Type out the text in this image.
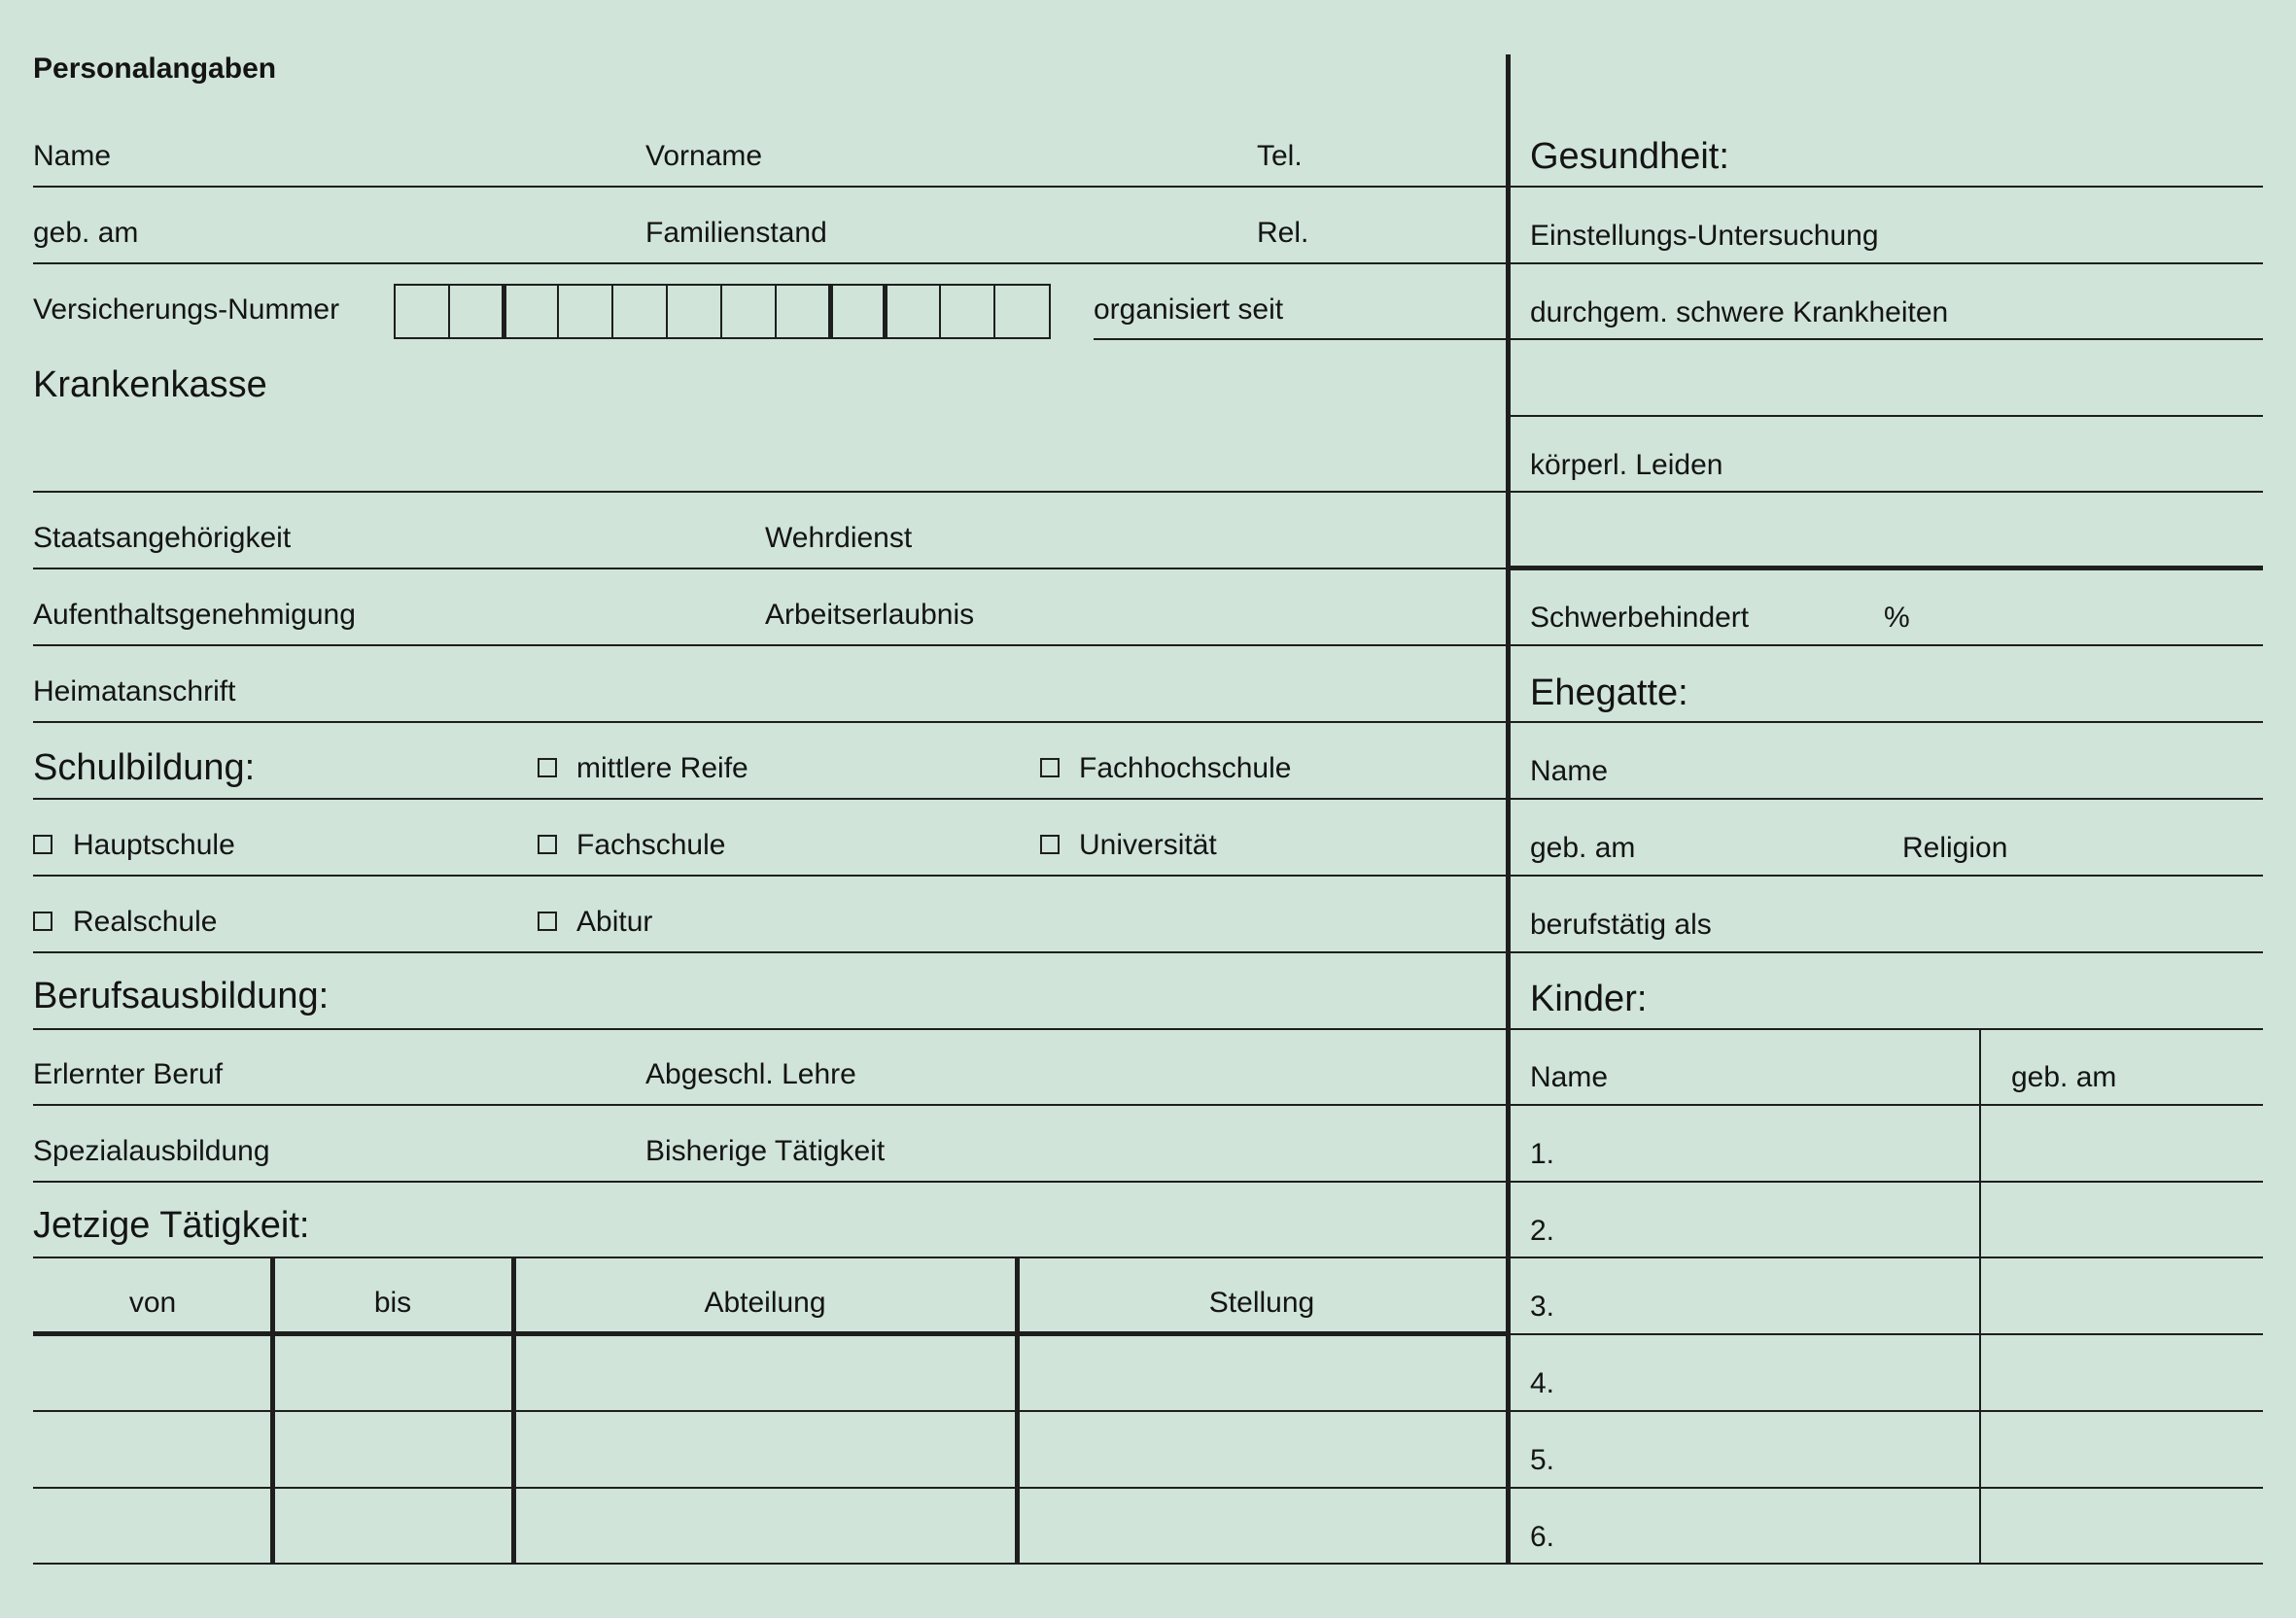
Personalangaben
Name	Vorname	Tel.
geb. am	Familienstand	Rel.
Versicherungs-Nummer	organisiert seit
Krankenkasse
Staatsangehörigkeit	Wehrdienst
Aufenthaltsgenehmigung	Arbeitserlaubnis
Heimatanschrift
Schulbildung:	mittlere Reife	Fachhochschule
Hauptschule	Fachschule	Universität
Realschule	Abitur
Berufsausbildung:
Erlernter Beruf	Abgeschl. Lehre
Spezialausbildung	Bisherige Tätigkeit
Jetzige Tätigkeit:
von	bis	Abteilung	Stellung
Gesundheit:
Einstellungs-Untersuchung
durchgem. schwere Krankheiten
körperl. Leiden
Schwerbehindert	%
Ehegatte:
Name
geb. am	Religion
berufstätig als
Kinder:
Name	geb. am
1.
2.
3.
4.
5.
6.
